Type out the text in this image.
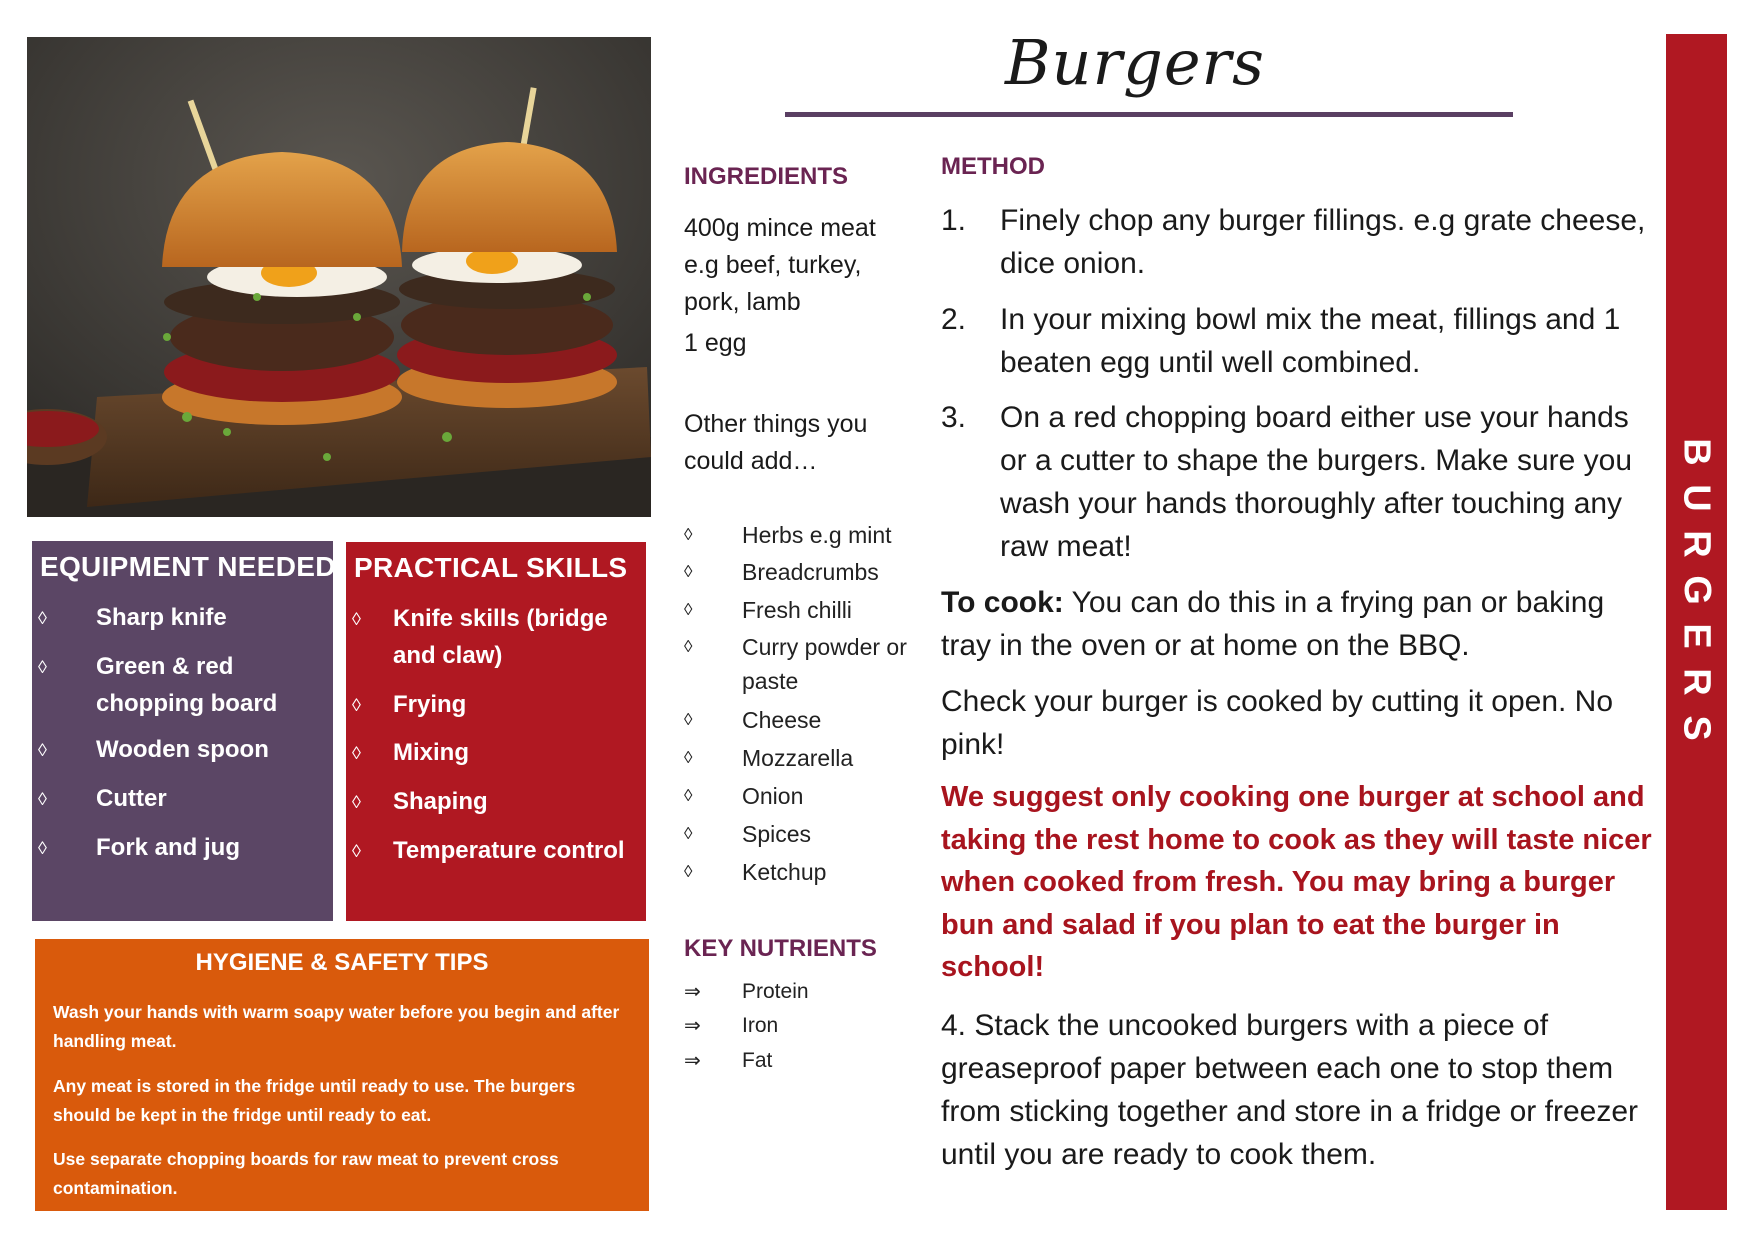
Burgers
B
U
R
G
E
R
S
EQUIPMENT NEEDED
◊ Sharp knife
◊ Green & red chopping board
◊ Wooden spoon
◊ Cutter
◊ Fork and jug
PRACTICAL SKILLS
◊ Knife skills (bridge and claw)
◊ Frying
◊ Mixing
◊ Shaping
◊ Temperature control
HYGIENE & SAFETY TIPS
Wash your hands with warm soapy water before you begin and after handling meat.
Any meat is stored in the fridge until ready to use. The burgers should be kept in the fridge until ready to eat.
Use separate chopping boards for raw meat to prevent cross contamination.
INGREDIENTS
400g mince meat e.g beef, turkey, pork, lamb
1 egg
Other things you could add…
◊ Herbs e.g mint
◊ Breadcrumbs
◊ Fresh chilli
◊ Curry powder or paste
◊ Cheese
◊ Mozzarella
◊ Onion
◊ Spices
◊ Ketchup
KEY NUTRIENTS
⇒ Protein
⇒ Iron
⇒ Fat
METHOD
1. Finely chop any burger fillings. e.g grate cheese, dice onion.
2. In your mixing bowl mix the meat, fillings and 1 beaten egg until well combined.
3. On a red chopping board either use your hands or a cutter to shape the burgers. Make sure you wash your hands thoroughly after touching any raw meat!
To cook: You can do this in a frying pan or baking tray in the oven or at home on the BBQ.
Check your burger is cooked by cutting it open. No pink!
We suggest only cooking one burger at school and taking the rest home to cook as they will taste nicer when cooked from fresh. You may bring a burger bun and salad if you plan to eat the burger in school!
4. Stack the uncooked burgers with a piece of greaseproof paper between each one to stop them from sticking together and store in a fridge or freezer until you are ready to cook them.
